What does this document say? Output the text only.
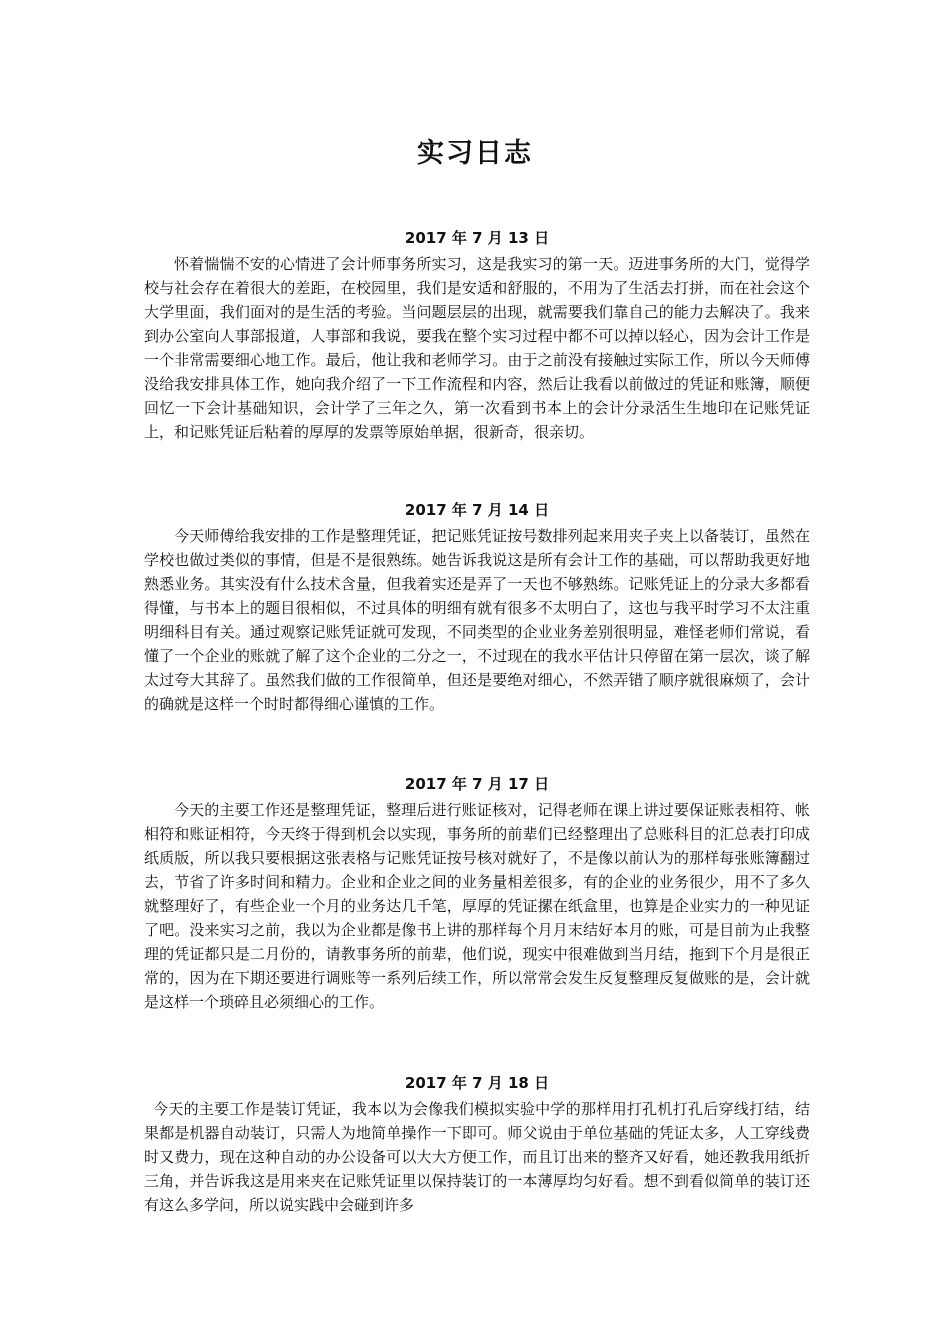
实习日志
2017 年 7 月 13 日
怀着惴惴不安的心情进了会计师事务所实习，这是我实习的第一天。迈进事务所的大门，觉得学校与社会存在着很大的差距，在校园里，我们是安适和舒服的，不用为了生活去打拼，而在社会这个大学里面，我们面对的是生活的考验。当问题层层的出现，就需要我们靠自己的能力去解决了。我来到办公室向人事部报道，人事部和我说，要我在整个实习过程中都不可以掉以轻心，因为会计工作是一个非常需要细心地工作。最后，他让我和老师学习。由于之前没有接触过实际工作，所以今天师傅没给我安排具体工作，她向我介绍了一下工作流程和内容，然后让我看以前做过的凭证和账簿，顺便回忆一下会计基础知识，会计学了三年之久，第一次看到书本上的会计分录活生生地印在记账凭证上，和记账凭证后粘着的厚厚的发票等原始单据，很新奇，很亲切。
2017 年 7 月 14 日
今天师傅给我安排的工作是整理凭证，把记账凭证按号数排列起来用夹子夹上以备装订，虽然在学校也做过类似的事情，但是不是很熟练。她告诉我说这是所有会计工作的基础，可以帮助我更好地熟悉业务。其实没有什么技术含量，但我着实还是弄了一天也不够熟练。记账凭证上的分录大多都看得懂，与书本上的题目很相似，不过具体的明细有就有很多不太明白了，这也与我平时学习不太注重明细科目有关。通过观察记账凭证就可发现，不同类型的企业业务差别很明显，难怪老师们常说，看懂了一个企业的账就了解了这个企业的二分之一，不过现在的我水平估计只停留在第一层次，谈了解太过夸大其辞了。虽然我们做的工作很简单，但还是要绝对细心，不然弄错了顺序就很麻烦了，会计的确就是这样一个时时都得细心谨慎的工作。
2017 年 7 月 17 日
今天的主要工作还是整理凭证，整理后进行账证核对，记得老师在课上讲过要保证账表相符、帐相符和账证相符，今天终于得到机会以实现，事务所的前辈们已经整理出了总账科目的汇总表打印成纸质版，所以我只要根据这张表格与记账凭证按号核对就好了，不是像以前认为的那样每张账簿翻过去，节省了许多时间和精力。企业和企业之间的业务量相差很多，有的企业的业务很少，用不了多久就整理好了，有些企业一个月的业务达几千笔，厚厚的凭证摞在纸盒里，也算是企业实力的一种见证了吧。没来实习之前，我以为企业都是像书上讲的那样每个月月末结好本月的账，可是目前为止我整理的凭证都只是二月份的，请教事务所的前辈，他们说，现实中很难做到当月结，拖到下个月是很正常的，因为在下期还要进行调账等一系列后续工作，所以常常会发生反复整理反复做账的是，会计就是这样一个琐碎且必须细心的工作。
2017 年 7 月 18 日
今天的主要工作是装订凭证，我本以为会像我们模拟实验中学的那样用打孔机打孔后穿线打结，结果都是机器自动装订，只需人为地简单操作一下即可。师父说由于单位基础的凭证太多，人工穿线费时又费力，现在这种自动的办公设备可以大大方便工作，而且订出来的整齐又好看，她还教我用纸折三角，并告诉我这是用来夹在记账凭证里以保持装订的一本薄厚均匀好看。想不到看似简单的装订还有这么多学问，所以说实践中会碰到许多
